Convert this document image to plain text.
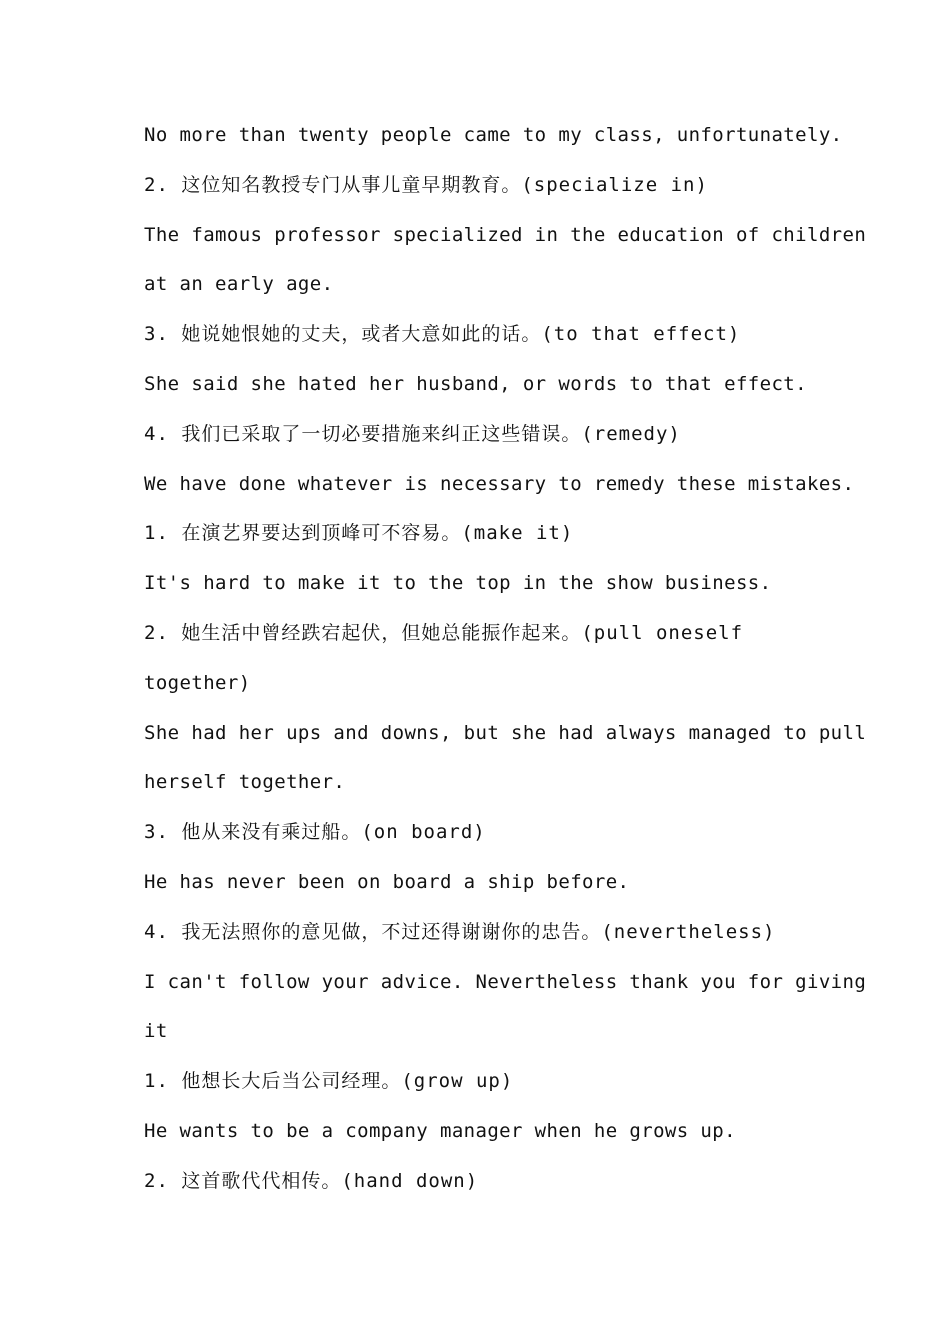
No more than twenty people came to my class, unfortunately.
2. 这位知名教授专门从事儿童早期教育。(specialize in)
The famous professor specialized in the education of children
at an early age.
3. 她说她恨她的丈夫，或者大意如此的话。(to that effect)
She said she hated her husband, or words to that effect.
4. 我们已采取了一切必要措施来纠正这些错误。(remedy)
We have done whatever is necessary to remedy these mistakes.
1. 在演艺界要达到顶峰可不容易。(make it)
It's hard to make it to the top in the show business.
2. 她生活中曾经跌宕起伏，但她总能振作起来。(pull oneself
together)
She had her ups and downs, but she had always managed to pull
herself together.
3. 他从来没有乘过船。(on board)
He has never been on board a ship before.
4. 我无法照你的意见做，不过还得谢谢你的忠告。(nevertheless)
I can't follow your advice. Nevertheless thank you for giving
it
1. 他想长大后当公司经理。(grow up)
He wants to be a company manager when he grows up.
2. 这首歌代代相传。(hand down)
